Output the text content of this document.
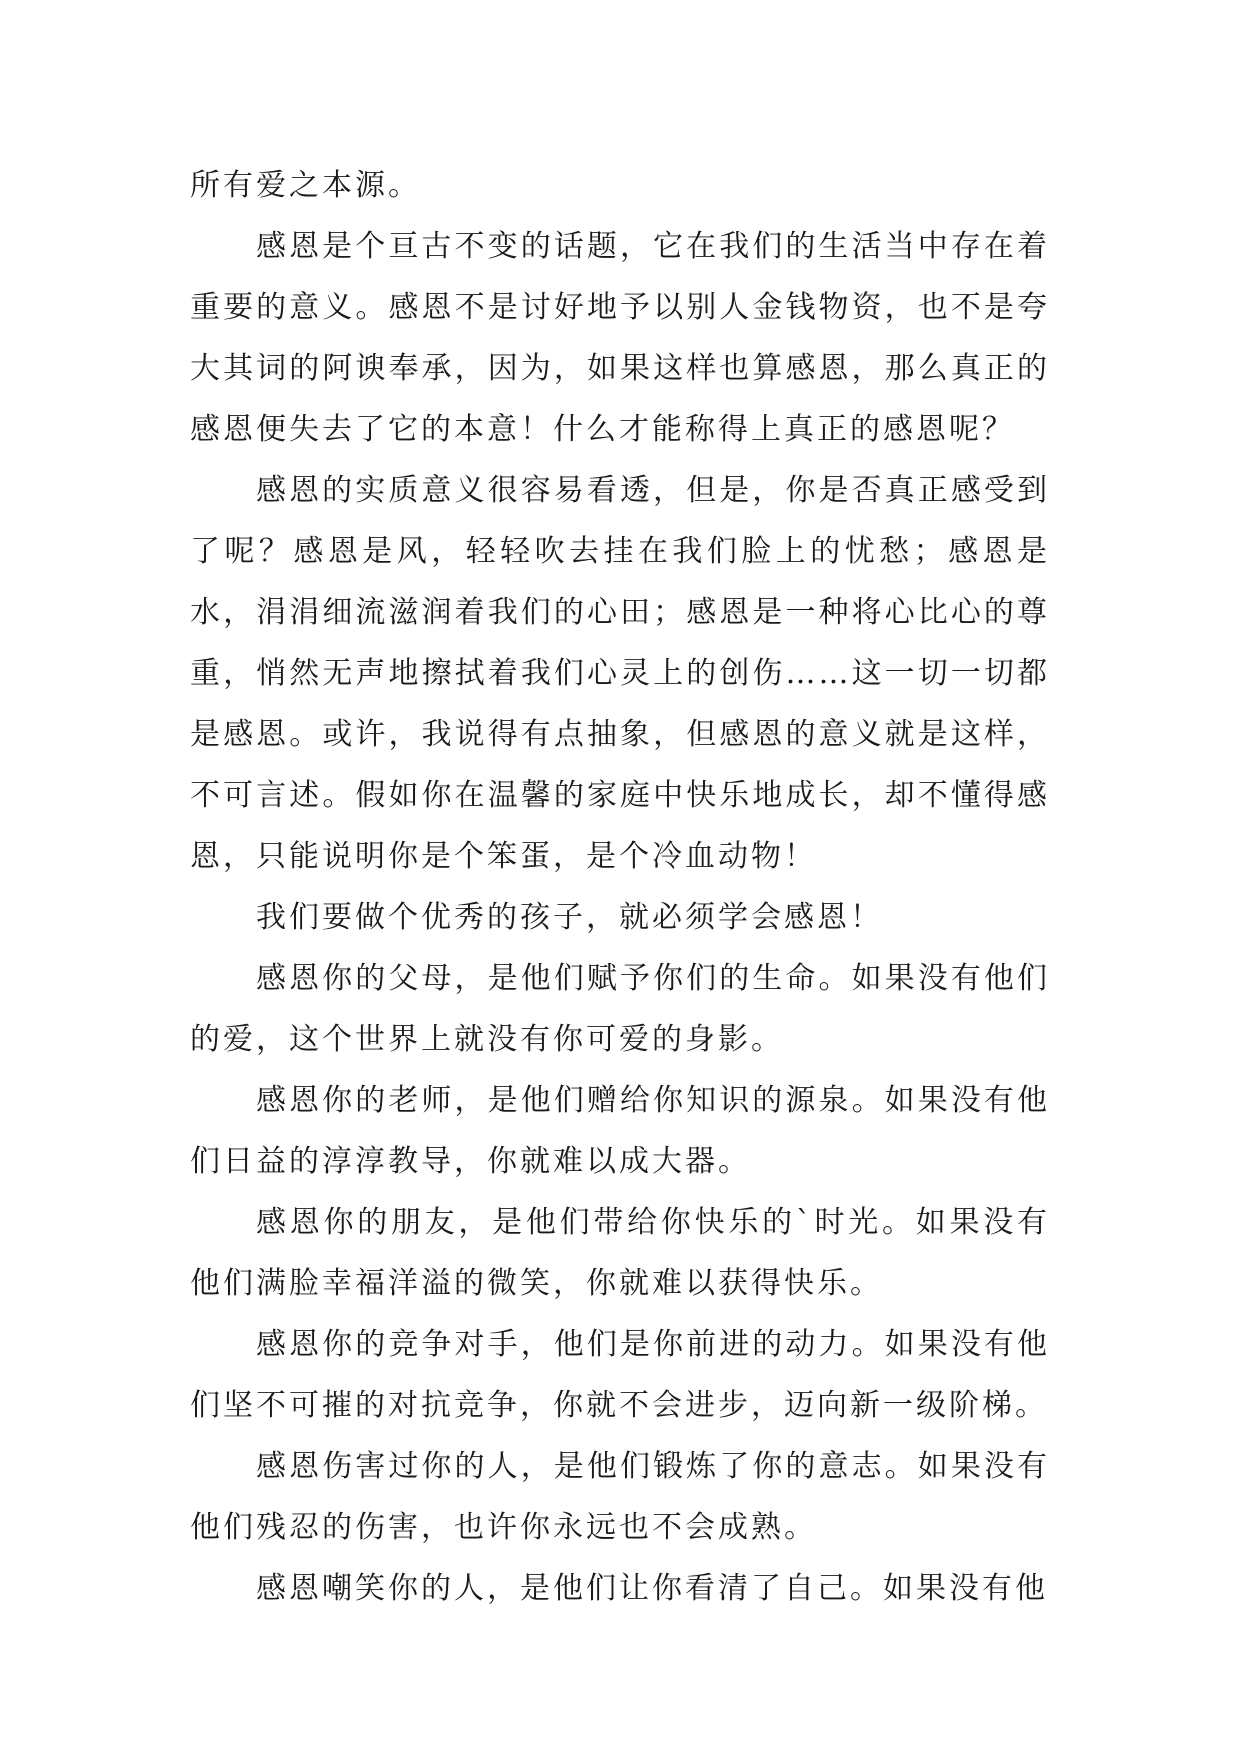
所有爱之本源。

感恩是个亘古不变的话题，它在我们的生活当中存在着重要的意义。感恩不是讨好地予以别人金钱物资，也不是夸大其词的阿谀奉承，因为，如果这样也算感恩，那么真正的感恩便失去了它的本意！什么才能称得上真正的感恩呢？

感恩的实质意义很容易看透，但是，你是否真正感受到了呢？感恩是风，轻轻吹去挂在我们脸上的忧愁；感恩是水，涓涓细流滋润着我们的心田；感恩是一种将心比心的尊重，悄然无声地擦拭着我们心灵上的创伤……这一切一切都是感恩。或许，我说得有点抽象，但感恩的意义就是这样，不可言述。假如你在温馨的家庭中快乐地成长，却不懂得感恩，只能说明你是个笨蛋，是个冷血动物！

我们要做个优秀的孩子，就必须学会感恩！

感恩你的父母，是他们赋予你们的生命。如果没有他们的爱，这个世界上就没有你可爱的身影。

感恩你的老师，是他们赠给你知识的源泉。如果没有他们日益的淳淳教导，你就难以成大器。

感恩你的朋友，是他们带给你快乐的`时光。如果没有他们满脸幸福洋溢的微笑，你就难以获得快乐。

感恩你的竞争对手，他们是你前进的动力。如果没有他们坚不可摧的对抗竞争，你就不会进步，迈向新一级阶梯。

感恩伤害过你的人，是他们锻炼了你的意志。如果没有他们残忍的伤害，也许你永远也不会成熟。

感恩嘲笑你的人，是他们让你看清了自己。如果没有他
